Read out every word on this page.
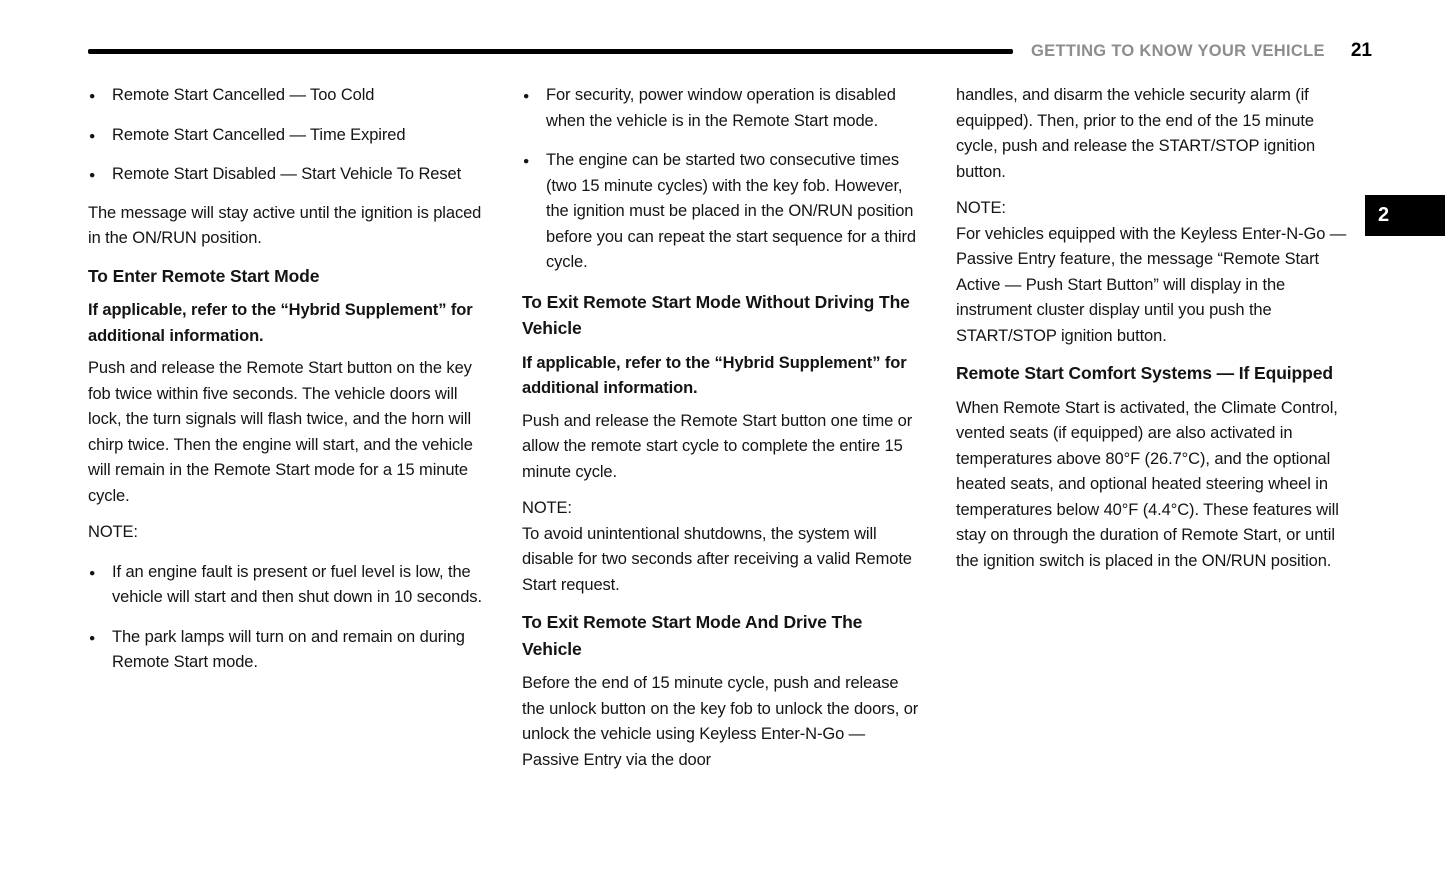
GETTING TO KNOW YOUR VEHICLE 21
● Remote Start Cancelled — Too Cold
● Remote Start Cancelled — Time Expired
● Remote Start Disabled — Start Vehicle To Reset
The message will stay active until the ignition is placed in the ON/RUN position.
To Enter Remote Start Mode
If applicable, refer to the “Hybrid Supplement” for additional information.
Push and release the Remote Start button on the key fob twice within five seconds. The vehicle doors will lock, the turn signals will flash twice, and the horn will chirp twice. Then the engine will start, and the vehicle will remain in the Remote Start mode for a 15 minute cycle.
NOTE:
● If an engine fault is present or fuel level is low, the vehicle will start and then shut down in 10 seconds.
● The park lamps will turn on and remain on during Remote Start mode.
● For security, power window operation is disabled when the vehicle is in the Remote Start mode.
● The engine can be started two consecutive times (two 15 minute cycles) with the key fob. However, the ignition must be placed in the ON/RUN position before you can repeat the start sequence for a third cycle.
To Exit Remote Start Mode Without Driving The Vehicle
If applicable, refer to the “Hybrid Supplement” for additional information.
Push and release the Remote Start button one time or allow the remote start cycle to complete the entire 15 minute cycle.
NOTE:
To avoid unintentional shutdowns, the system will disable for two seconds after receiving a valid Remote Start request.
To Exit Remote Start Mode And Drive The Vehicle
Before the end of 15 minute cycle, push and release the unlock button on the key fob to unlock the doors, or unlock the vehicle using Keyless Enter-N-Go — Passive Entry via the door
handles, and disarm the vehicle security alarm (if equipped). Then, prior to the end of the 15 minute cycle, push and release the START/STOP ignition button.
NOTE:
For vehicles equipped with the Keyless Enter-N-Go — Passive Entry feature, the message “Remote Start Active — Push Start Button” will display in the instrument cluster display until you push the START/STOP ignition button.
Remote Start Comfort Systems — If Equipped
When Remote Start is activated, the Climate Control, vented seats (if equipped) are also activated in temperatures above 80°F (26.7°C), and the optional heated seats, and optional heated steering wheel in temperatures below 40°F (4.4°C). These features will stay on through the duration of Remote Start, or until the ignition switch is placed in the ON/RUN position.
2
